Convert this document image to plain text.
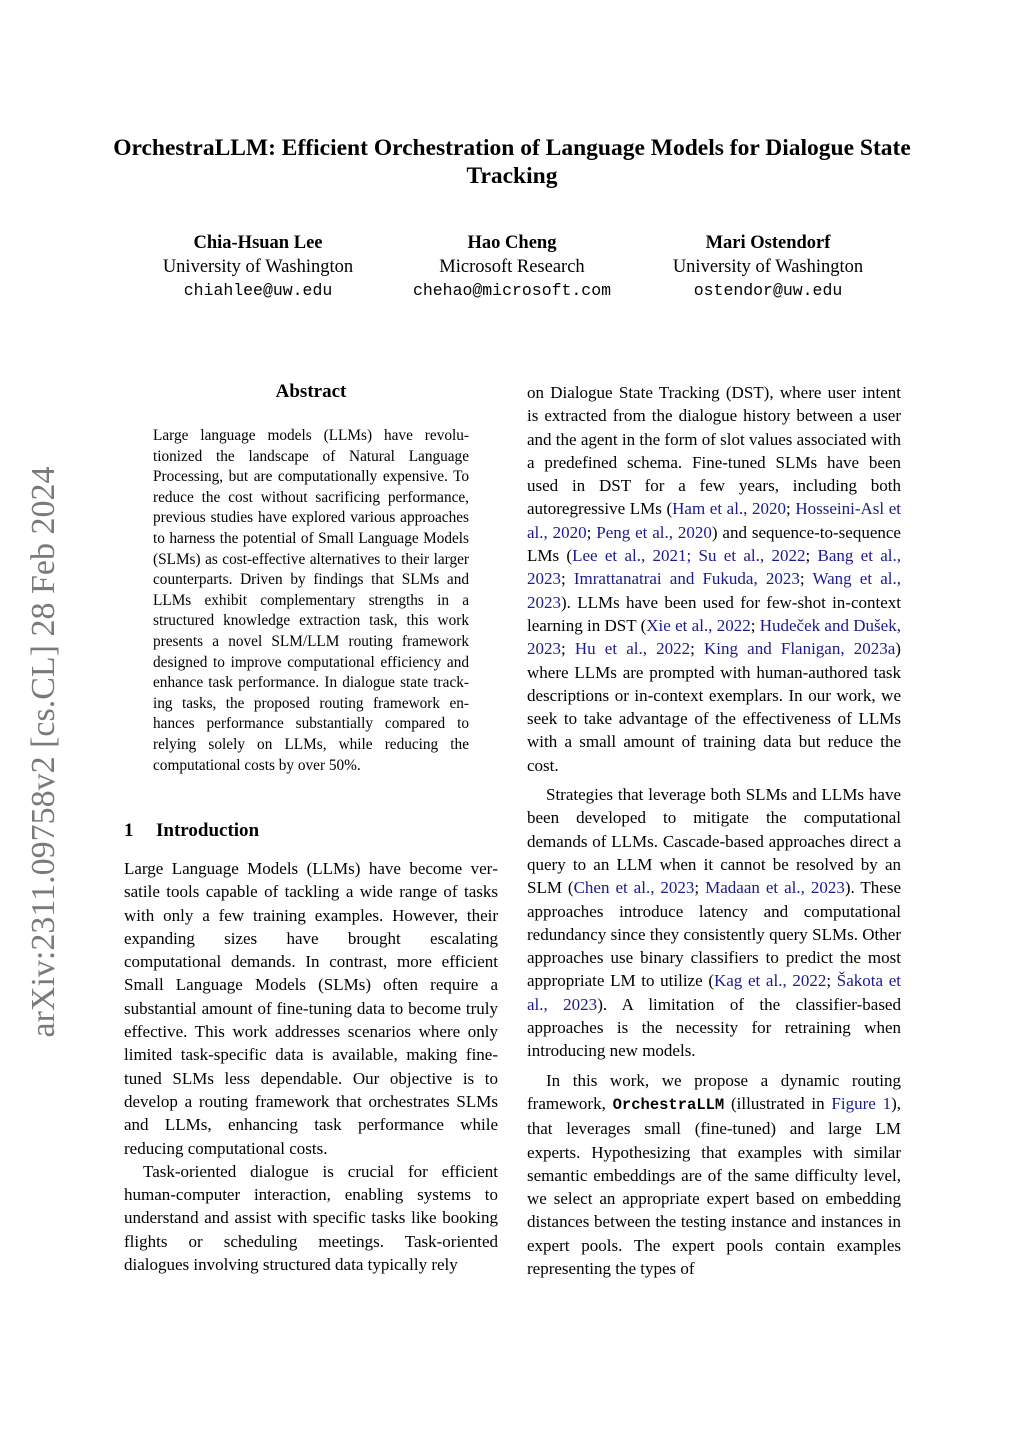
arXiv:2311.09758v2 [cs.CL] 28 Feb 2024
OrchestraLLM: Efficient Orchestration of Language Models for Dialogue State Tracking
Chia-Hsuan Lee
University of Washington
chiahlee@uw.edu
Hao Cheng
Microsoft Research
chehao@microsoft.com
Mari Ostendorf
University of Washington
ostendor@uw.edu
Abstract
Large language models (LLMs) have revolutionized the landscape of Natural Language Processing, but are computationally expensive. To reduce the cost without sacrificing performance, previous studies have explored various approaches to harness the potential of Small Language Models (SLMs) as cost-effective alternatives to their larger counterparts. Driven by findings that SLMs and LLMs exhibit complementary strengths in a structured knowledge extraction task, this work presents a novel SLM/LLM routing framework designed to improve computational efficiency and enhance task performance. In dialogue state tracking tasks, the proposed routing framework enhances performance substantially compared to relying solely on LLMs, while reducing the computational costs by over 50%.
1 Introduction

Large Language Models (LLMs) have become versatile tools capable of tackling a wide range of tasks with only a few training examples. However, their expanding sizes have brought escalating computational demands. In contrast, more efficient Small Language Models (SLMs) often require a substantial amount of fine-tuning data to become truly effective. This work addresses scenarios where only limited task-specific data is available, making fine-tuned SLMs less dependable. Our objective is to develop a routing framework that orchestrates SLMs and LLMs, enhancing task performance while reducing computational costs.

Task-oriented dialogue is crucial for efficient human-computer interaction, enabling systems to understand and assist with specific tasks like booking flights or scheduling meetings. Task-oriented dialogues involving structured data typically rely

on Dialogue State Tracking (DST), where user intent is extracted from the dialogue history between a user and the agent in the form of slot values associated with a predefined schema. Fine-tuned SLMs have been used in DST for a few years, including both autoregressive LMs (Ham et al., 2020; Hosseini-Asl et al., 2020; Peng et al., 2020) and sequence-to-sequence LMs (Lee et al., 2021; Su et al., 2022; Bang et al., 2023; Imrattanatrai and Fukuda, 2023; Wang et al., 2023). LLMs have been used for few-shot in-context learning in DST (Xie et al., 2022; Hudeček and Dušek, 2023; Hu et al., 2022; King and Flanigan, 2023a) where LLMs are prompted with human-authored task descriptions or in-context exemplars. In our work, we seek to take advantage of the effectiveness of LLMs with a small amount of training data but reduce the cost.

Strategies that leverage both SLMs and LLMs have been developed to mitigate the computational demands of LLMs. Cascade-based approaches direct a query to an LLM when it cannot be resolved by an SLM (Chen et al., 2023; Madaan et al., 2023). These approaches introduce latency and computational redundancy since they consistently query SLMs. Other approaches use binary classifiers to predict the most appropriate LM to utilize (Kag et al., 2022; Šakota et al., 2023). A limitation of the classifier-based approaches is the necessity for retraining when introducing new models.

In this work, we propose a dynamic routing framework, OrchestraLLM (illustrated in Figure 1), that leverages small (fine-tuned) and large LM experts. Hypothesizing that examples with similar semantic embeddings are of the same difficulty level, we select an appropriate expert based on embedding distances between the testing instance and instances in expert pools. The expert pools contain examples representing the types of
